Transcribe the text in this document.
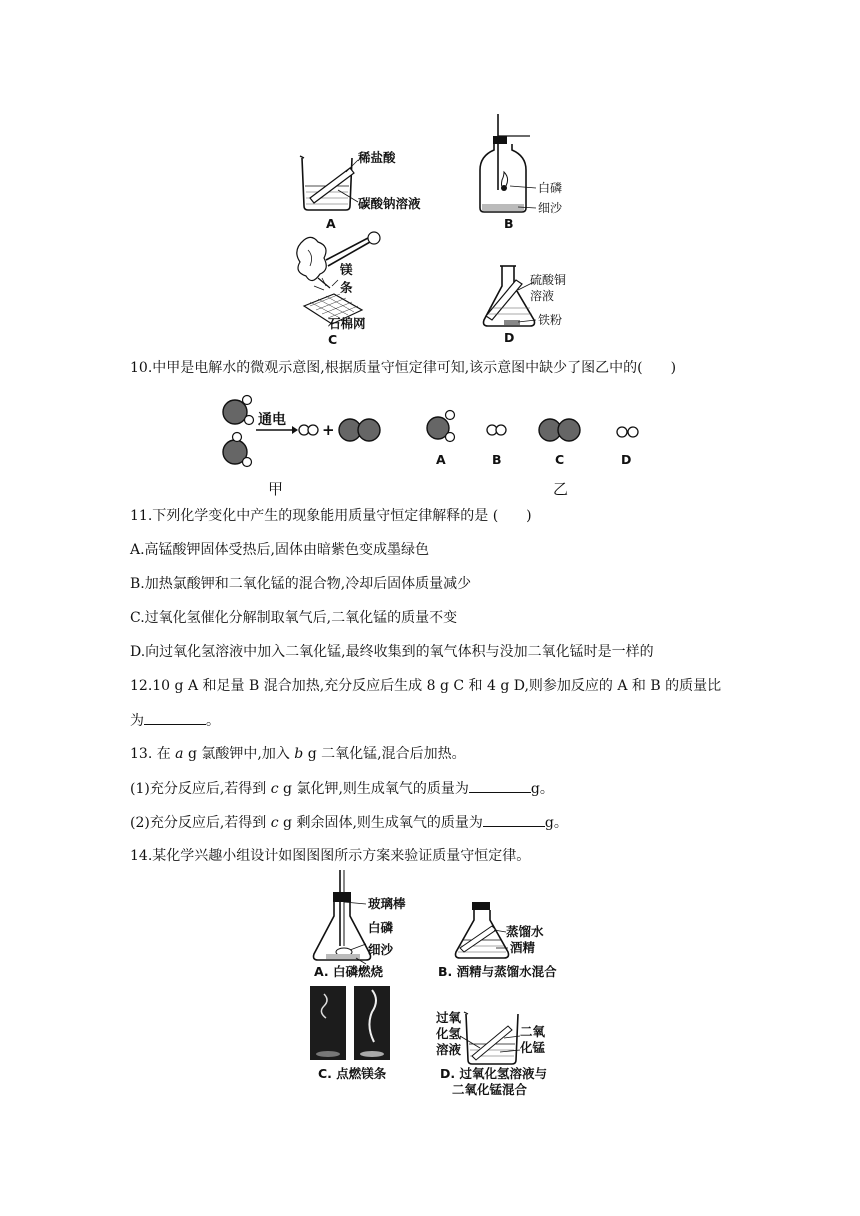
稀盐酸
碳酸钠溶液
A
白磷
细沙
B
镁
条
石棉网
C
硫酸铜
溶液
铁粉
D
10.中甲是电解水的微观示意图,根据质量守恒定律可知,该示意图中缺少了图乙中的(　　)
通电
+
甲
A	B	C	D
乙
11.下列化学变化中产生的现象能用质量守恒定律解释的是 (　　)
A.高锰酸钾固体受热后,固体由暗紫色变成墨绿色
B.加热氯酸钾和二氧化锰的混合物,冷却后固体质量减少
C.过氧化氢催化分解制取氧气后,二氧化锰的质量不变
D.向过氧化氢溶液中加入二氧化锰,最终收集到的氧气体积与没加二氧化锰时是一样的
12.10 g A 和足量 B 混合加热,充分反应后生成 8 g C 和 4 g D,则参加反应的 A 和 B 的质量比
为	。
13. 在 a g 氯酸钾中,加入 b g 二氧化锰,混合后加热。
(1)充分反应后,若得到 c g 氯化钾,则生成氧气的质量为	g。
(2)充分反应后,若得到 c g 剩余固体,则生成氧气的质量为	g。
14.某化学兴趣小组设计如图图图所示方案来验证质量守恒定律。
玻璃棒
白磷
细沙
A. 白磷燃烧
蒸馏水
酒精
B. 酒精与蒸馏水混合
C. 点燃镁条
过氧
化氢
溶液
二氧
化锰
D. 过氧化氢溶液与
二氧化锰混合
